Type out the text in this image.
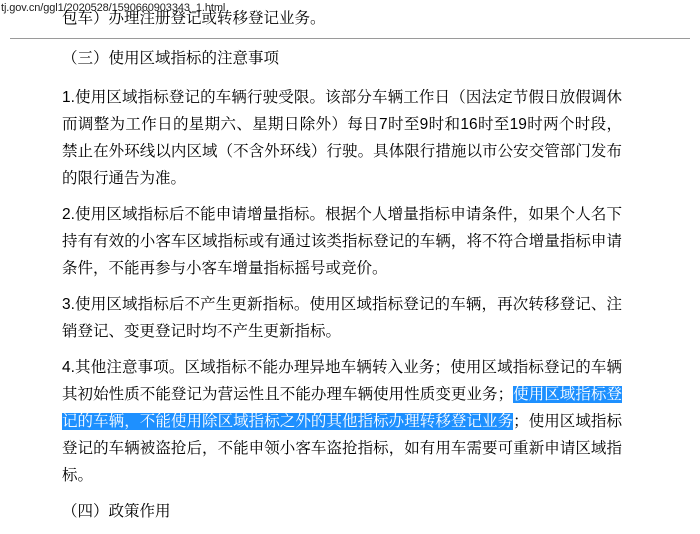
tj.gov.cn/ggl1/2020528/1590660903343_1.html
包车）办理注册登记或转移登记业务。

（三）使用区域指标的注意事项

1.使用区域指标登记的车辆行驶受限。该部分车辆工作日（因法定节假日放假调休而调整为工作日的星期六、星期日除外）每日7时至9时和16时至19时两个时段，禁止在外环线以内区域（不含外环线）行驶。具体限行措施以市公安交管部门发布的限行通告为准。

2.使用区域指标后不能申请增量指标。根据个人增量指标申请条件，如果个人名下持有有效的小客车区域指标或有通过该类指标登记的车辆，将不符合增量指标申请条件，不能再参与小客车增量指标摇号或竞价。

3.使用区域指标后不产生更新指标。使用区域指标登记的车辆，再次转移登记、注销登记、变更登记时均不产生更新指标。

4.其他注意事项。区域指标不能办理异地车辆转入业务；使用区域指标登记的车辆其初始性质不能登记为营运性且不能办理车辆使用性质变更业务；使用区域指标登记的车辆，不能使用除区域指标之外的其他指标办理转移登记业务；使用区域指标登记的车辆被盗抢后，不能申领小客车盗抢指标，如有用车需要可重新申请区域指标。

（四）政策作用
